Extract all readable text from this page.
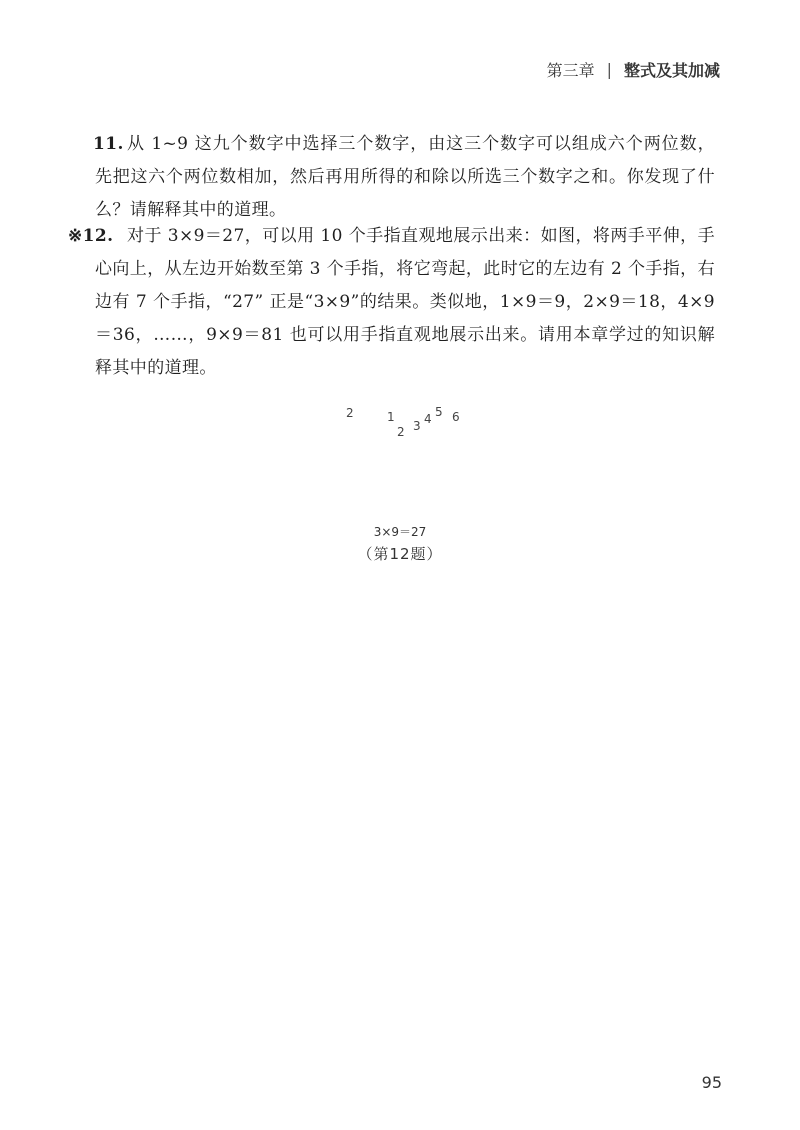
第三章 | 整式及其加减
11. 从 1~9 这九个数字中选择三个数字，由这三个数字可以组成六个两位数，先把这六个两位数相加，然后再用所得的和除以所选三个数字之和。你发现了什么？请解释其中的道理。
※12. 对于 3×9＝27，可以用 10 个手指直观地展示出来：如图，将两手平伸，手心向上，从左边开始数至第 3 个手指，将它弯起，此时它的左边有 2 个手指，右边有 7 个手指，“27” 正是“3×9”的结果。类似地，1×9＝9，2×9＝18，4×9＝36，……，9×9＝81 也可以用手指直观地展示出来。请用本章学过的知识解释其中的道理。
2	1
2 3 4 5 6
3×9＝27
（第12题）
95
